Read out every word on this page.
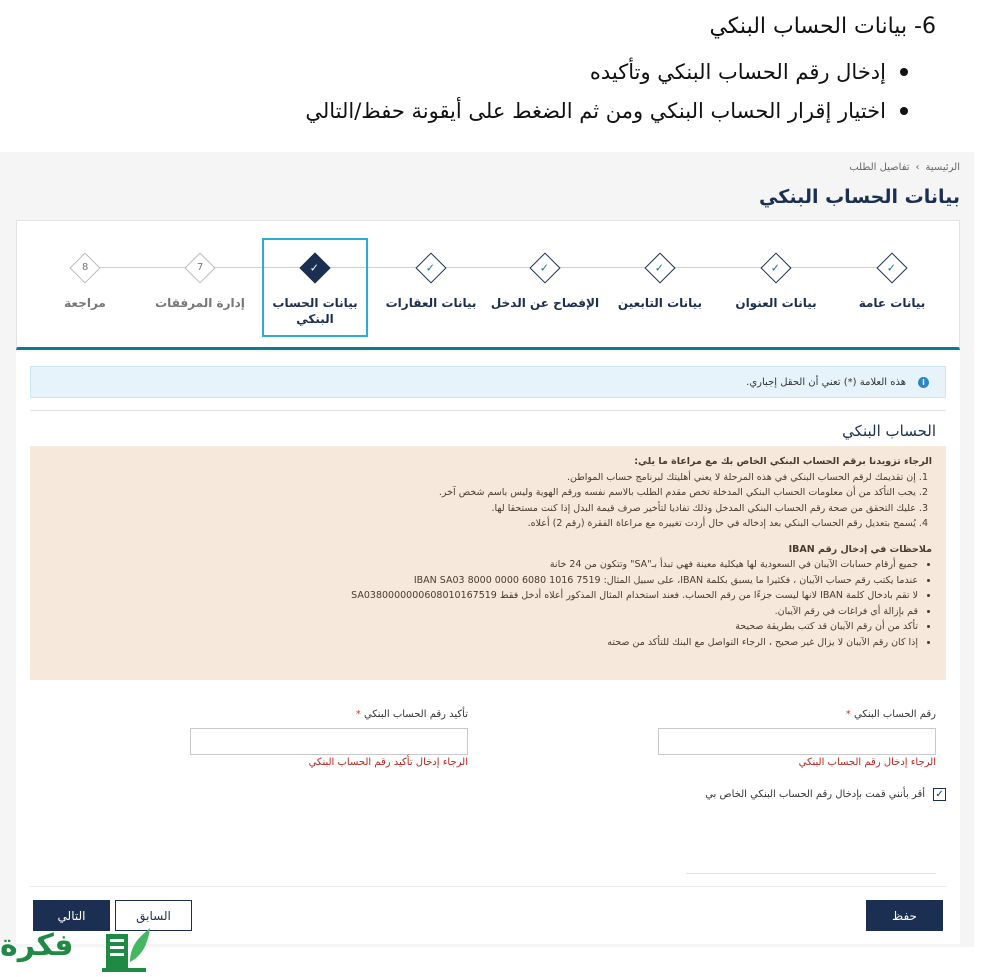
6- بيانات الحساب البنكي
إدخال رقم الحساب البنكي وتأكيده
اختيار إقرار الحساب البنكي ومن ثم الضغط على أيقونة حفظ/التالي
الرئيسية
›
تفاصيل الطلب
بيانات الحساب البنكي
✓
بيانات عامة
✓
بيانات العنوان
✓
بيانات التابعين
✓
الإفصاح عن الدخل
✓
بيانات العقارات
✓
بيانات الحساب البنكي
7
إدارة المرفقات
8
مراجعة
i
هذه العلامة (*) تعني أن الحقل إجباري.
الحساب البنكي
الرجاء تزويدنا برقم الحساب البنكي الخاص بك مع مراعاة ما يلي:
1. إن تقديمك لرقم الحساب البنكي في هذه المرحلة لا يعني أهليتك لبرنامج حساب المواطن.
2. يجب التأكد من أن معلومات الحساب البنكي المدخلة تخص مقدم الطلب بالاسم نفسه ورقم الهوية وليس باسم شخص آخر.
3. عليك التحقق من صحة رقم الحساب البنكي المدخل وذلك تفاديا لتأخير صرف قيمة البدل إذا كنت مستحقا لها.
4. يُسمح بتعديل رقم الحساب البنكي بعد إدخاله في حال أردت تغييره مع مراعاة الفقرة (رقم 2) أعلاه.
ملاحظات في إدخال رقم IBAN
• جميع أرقام حسابات الآيبان في السعودية لها هيكلية معينة فهي تبدأ بـ"SA" وتتكون من 24 خانة
• عندما يكتب رقم حساب الآيبان ، فكثيرا ما يسبق بكلمة IBAN، على سبيل المثال: IBAN SA03 8000 0000 6080 1016 7519
• لا تقم بادخال كلمة IBAN لانها ليست جزءًا من رقم الحساب. فعند استخدام المثال المذكور أعلاه أدخل فقط SA0380000000608010167519
• قم بإزالة أي فراغات في رقم الآيبان.
• تأكد من أن رقم الآيبان قد كتب بطريقة صحيحة
• إذا كان رقم الآيبان لا يزال غير صحيح ، الرجاء التواصل مع البنك للتأكد من صحته
رقم الحساب البنكي *
الرجاء إدخال رقم الحساب البنكي
تأكيد رقم الحساب البنكي *
الرجاء إدخال تأكيد رقم الحساب البنكي
✓
أقر بأنني قمت بإدخال رقم الحساب البنكي الخاص بي
حفظ
السابق
التالي
فكرة
